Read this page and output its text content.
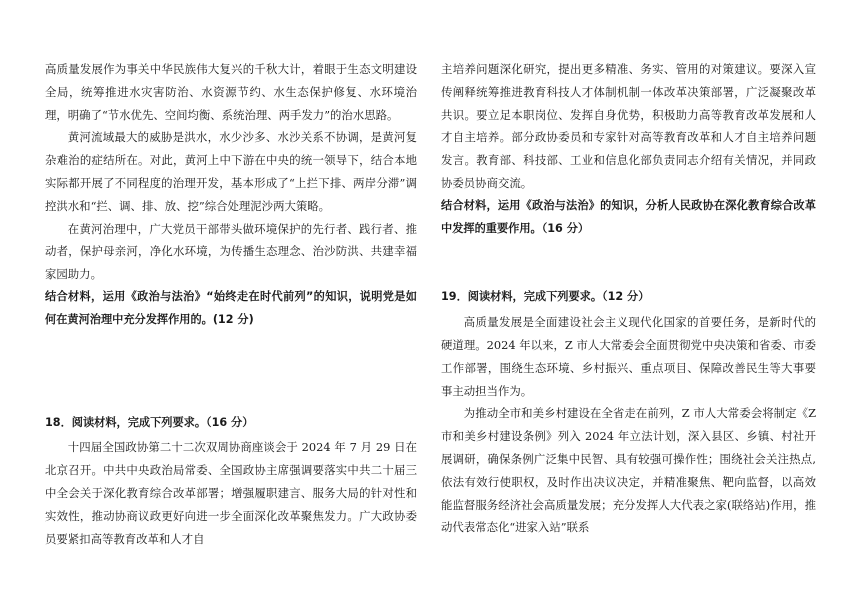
高质量发展作为事关中华民族伟大复兴的千秋大计，着眼于生态文明建设全局，统筹推进水灾害防治、水资源节约、水生态保护修复、水环境治理，明确了“节水优先、空间均衡、系统治理、两手发力”的治水思路。

黄河流域最大的威胁是洪水，水少沙多、水沙关系不协调，是黄河复杂难治的症结所在。对此，黄河上中下游在中央的统一领导下，结合本地实际都开展了不同程度的治理开发，基本形成了“上拦下排、两岸分滞”调控洪水和“拦、调、排、放、挖”综合处理泥沙两大策略。

在黄河治理中，广大党员干部带头做环境保护的先行者、践行者、推动者，保护母亲河，净化水环境，为传播生态理念、治沙防洪、共建幸福家园助力。

结合材料，运用《政治与法治》“始终走在时代前列”的知识，说明党是如何在黄河治理中充分发挥作用的。(12 分)

18．阅读材料，完成下列要求。（16 分）

十四届全国政协第二十二次双周协商座谈会于 2024 年 7 月 29 日在北京召开。中共中央政治局常委、全国政协主席强调要落实中共二十届三中全会关于深化教育综合改革部署；增强履职建言、服务大局的针对性和实效性，推动协商议政更好向进一步全面深化改革聚焦发力。广大政协委员要紧扣高等教育改革和人才自

主培养问题深化研究，提出更多精准、务实、管用的对策建议。要深入宣传阐释统筹推进教育科技人才体制机制一体改革决策部署，广泛凝聚改革共识。要立足本职岗位、发挥自身优势，积极助力高等教育改革发展和人才自主培养。部分政协委员和专家针对高等教育改革和人才自主培养问题发言。教育部、科技部、工业和信息化部负责同志介绍有关情况，并同政协委员协商交流。

结合材料，运用《政治与法治》的知识，分析人民政协在深化教育综合改革中发挥的重要作用。（16 分）

19．阅读材料，完成下列要求。（12 分）

高质量发展是全面建设社会主义现代化国家的首要任务，是新时代的硬道理。2024 年以来，Z 市人大常委会全面贯彻党中央决策和省委、市委工作部署，围绕生态环境、乡村振兴、重点项目、保障改善民生等大事要事主动担当作为。

为推动全市和美乡村建设在全省走在前列，Z 市人大常委会将制定《Z 市和美乡村建设条例》列入 2024 年立法计划，深入县区、乡镇、村社开展调研，确保条例广泛集中民智、具有较强可操作性；围绕社会关注热点,依法有效行使职权，及时作出决议决定，并精准聚焦、靶向监督，以高效能监督服务经济社会高质量发展；充分发挥人大代表之家(联络站)作用，推动代表常态化“进家入站”联系
